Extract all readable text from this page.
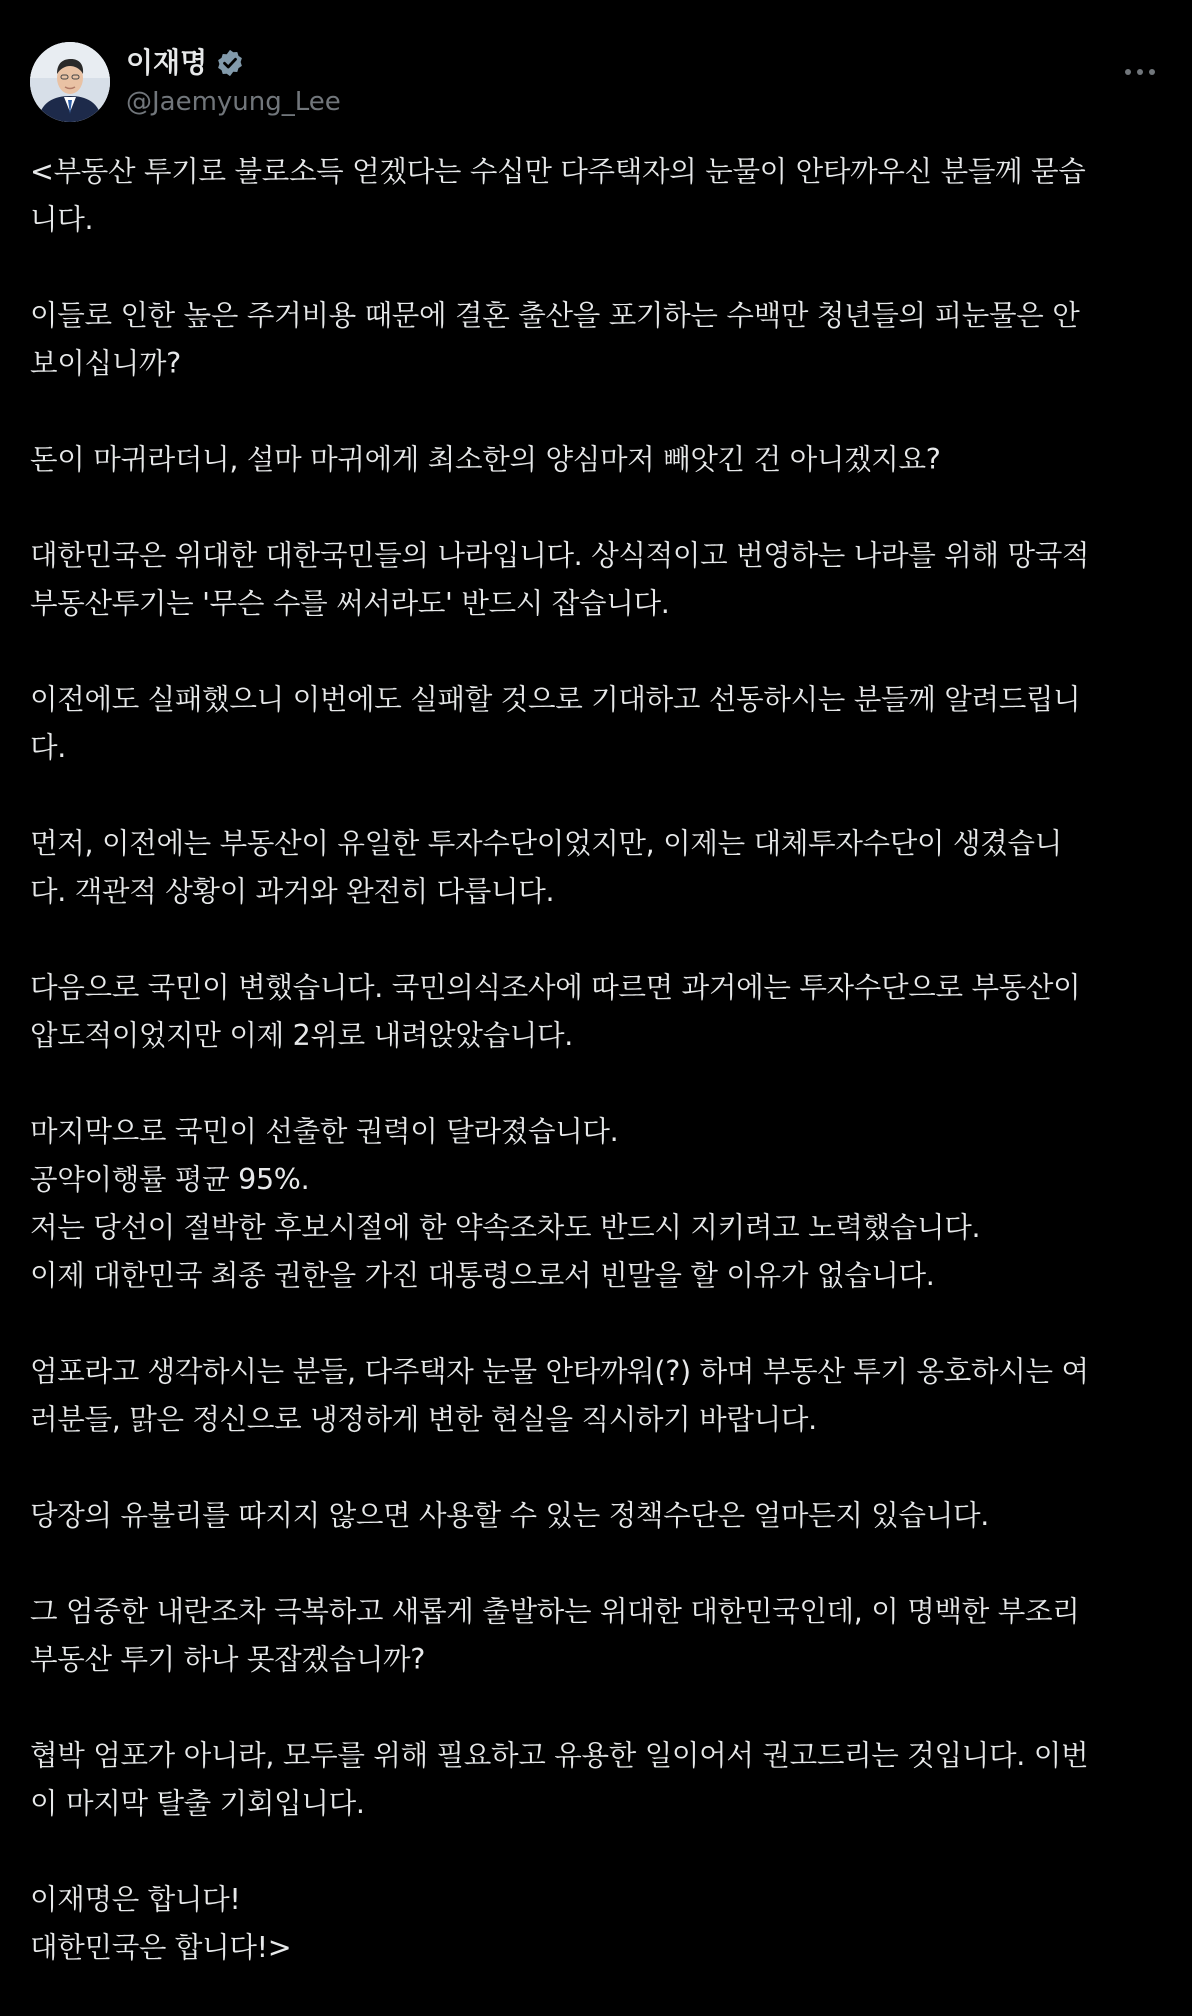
이재명
@Jaemyung_Lee
<부동산 투기로 불로소득 얻겠다는 수십만 다주택자의 눈물이 안타까우신 분들께 묻습
니다.
이들로 인한 높은 주거비용 때문에 결혼 출산을 포기하는 수백만 청년들의 피눈물은 안
보이십니까?
돈이 마귀라더니, 설마 마귀에게 최소한의 양심마저 빼앗긴 건 아니겠지요?
대한민국은 위대한 대한국민들의 나라입니다. 상식적이고 번영하는 나라를 위해 망국적
부동산투기는 '무슨 수를 써서라도' 반드시 잡습니다.
이전에도 실패했으니 이번에도 실패할 것으로 기대하고 선동하시는 분들께 알려드립니
다.
먼저, 이전에는 부동산이 유일한 투자수단이었지만, 이제는 대체투자수단이 생겼습니
다. 객관적 상황이 과거와 완전히 다릅니다.
다음으로 국민이 변했습니다. 국민의식조사에 따르면 과거에는 투자수단으로 부동산이
압도적이었지만 이제 2위로 내려앉았습니다.
마지막으로 국민이 선출한 권력이 달라졌습니다.
공약이행률 평균 95%.
저는 당선이 절박한 후보시절에 한 약속조차도 반드시 지키려고 노력했습니다.
이제 대한민국 최종 권한을 가진 대통령으로서 빈말을 할 이유가 없습니다.
엄포라고 생각하시는 분들, 다주택자 눈물 안타까워(?) 하며 부동산 투기 옹호하시는 여
러분들, 맑은 정신으로 냉정하게 변한 현실을 직시하기 바랍니다.
당장의 유불리를 따지지 않으면 사용할 수 있는 정책수단은 얼마든지 있습니다.
그 엄중한 내란조차 극복하고 새롭게 출발하는 위대한 대한민국인데, 이 명백한 부조리
부동산 투기 하나 못잡겠습니까?
협박 엄포가 아니라, 모두를 위해 필요하고 유용한 일이어서 권고드리는 것입니다. 이번
이 마지막 탈출 기회입니다.
이재명은 합니다!
대한민국은 합니다!>
